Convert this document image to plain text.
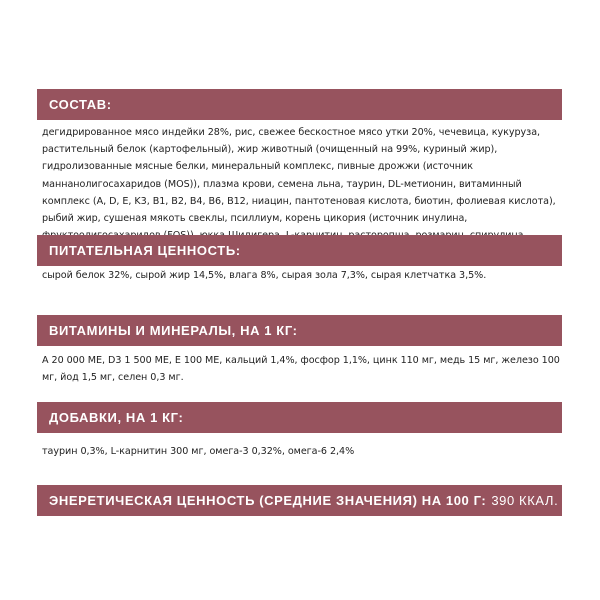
СОСТАВ:

дегидрированное мясо индейки 28%, рис, свежее бескостное мясо утки 20%, чечевица, кукуруза, растительный белок (картофельный), жир животный (очищенный на 99%, куриный жир), гидролизованные мясные белки, минеральный комплекс, пивные дрожжи (источник маннанолигосахаридов (MOS)), плазма крови, семена льна, таурин, DL-метионин, витаминный комплекс (A, D, E, K3, B1, B2, B4, B6, B12, ниацин, пантотеновая кислота, биотин, фолиевая кислота), рыбий жир, сушеная мякоть свеклы, псиллиум, корень цикория (источник инулина,

ПИТАТЕЛЬНАЯ ЦЕННОСТЬ:

сырой белок 32%, сырой жир 14,5%, влага 8%, сырая зола 7,3%, сырая клетчатка 3,5%.

ВИТАМИНЫ И МИНЕРАЛЫ, НА 1 КГ:

A 20 000 ME, D3 1 500 ME, E 100 ME, кальций 1,4%, фосфор 1,1%, цинк 110 мг, медь 15 мг, железо 100 мг, йод 1,5 мг, селен 0,3 мг.

ДОБАВКИ, НА 1 КГ:

таурин 0,3%, L-карнитин 300 мг, омега-3 0,32%, омега-6 2,4%

ЭНЕРЕТИЧЕСКАЯ ЦЕННОСТЬ (СРЕДНИЕ ЗНАЧЕНИЯ) НА 100 Г: 390 ККАЛ.
